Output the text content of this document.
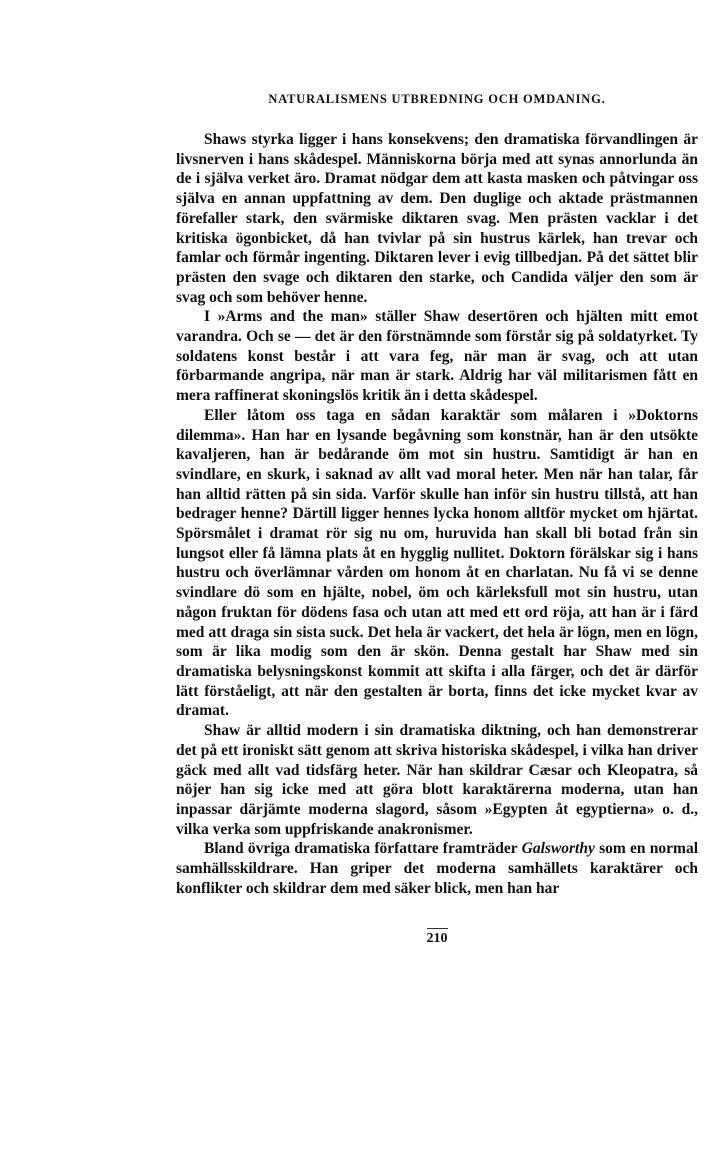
NATURALISMENS UTBREDNING OCH OMDANING.

Shaws styrka ligger i hans konsekvens; den dramatiska förvandlingen är livsnerven i hans skådespel. Människorna börja med att synas annorlunda än de i själva verket äro. Dramat nödgar dem att kasta masken och påtvingar oss själva en annan uppfattning av dem. Den duglige och aktade prästmannen förefaller stark, den svärmiske diktaren svag. Men prästen vacklar i det kritiska ögonbicket, då han tvivlar på sin hustrus kärlek, han trevar och famlar och förmår ingenting. Diktaren lever i evig tillbedjan. På det sättet blir prästen den svage och diktaren den starke, och Candida väljer den som är svag och som behöver henne.

I »Arms and the man» ställer Shaw desertören och hjälten mitt emot varandra. Och se — det är den förstnämnde som förstår sig på soldatyrket. Ty soldatens konst består i att vara feg, när man är svag, och att utan förbarmande angripa, när man är stark. Aldrig har väl militarismen fått en mera raffinerat skoningslös kritik än i detta skådespel.

Eller låtom oss taga en sådan karaktär som målaren i »Doktorns dilemma». Han har en lysande begåvning som konstnär, han är den utsökte kavaljeren, han är bedårande öm mot sin hustru. Samtidigt är han en svindlare, en skurk, i saknad av allt vad moral heter. Men när han talar, får han alltid rätten på sin sida. Varför skulle han inför sin hustru tillstå, att han bedrager henne? Därtill ligger hennes lycka honom alltför mycket om hjärtat. Spörsmålet i dramat rör sig nu om, huruvida han skall bli botad från sin lungsot eller få lämna plats åt en hygglig nullitet. Doktorn förälskar sig i hans hustru och överlämnar vården om honom åt en charlatan. Nu få vi se denne svindlare dö som en hjälte, nobel, öm och kärleksfull mot sin hustru, utan någon fruktan för dödens fasa och utan att med ett ord röja, att han är i färd med att draga sin sista suck. Det hela är vackert, det hela är lögn, men en lögn, som är lika modig som den är skön. Denna gestalt har Shaw med sin dramatiska belysningskonst kommit att skifta i alla färger, och det är därför lätt förståeligt, att när den gestalten är borta, finns det icke mycket kvar av dramat.

Shaw är alltid modern i sin dramatiska diktning, och han demonstrerar det på ett ironiskt sätt genom att skriva historiska skådespel, i vilka han driver gäck med allt vad tidsfärg heter. När han skildrar Cæsar och Kleopatra, så nöjer han sig icke med att göra blott karaktärerna moderna, utan han inpassar därjämte moderna slagord, såsom »Egypten åt egyptierna» o. d., vilka verka som uppfriskande anakronismer.

Bland övriga dramatiska författare framträder Galsworthy som en normal samhällsskildrare. Han griper det moderna samhällets karaktärer och konflikter och skildrar dem med säker blick, men han har

210
